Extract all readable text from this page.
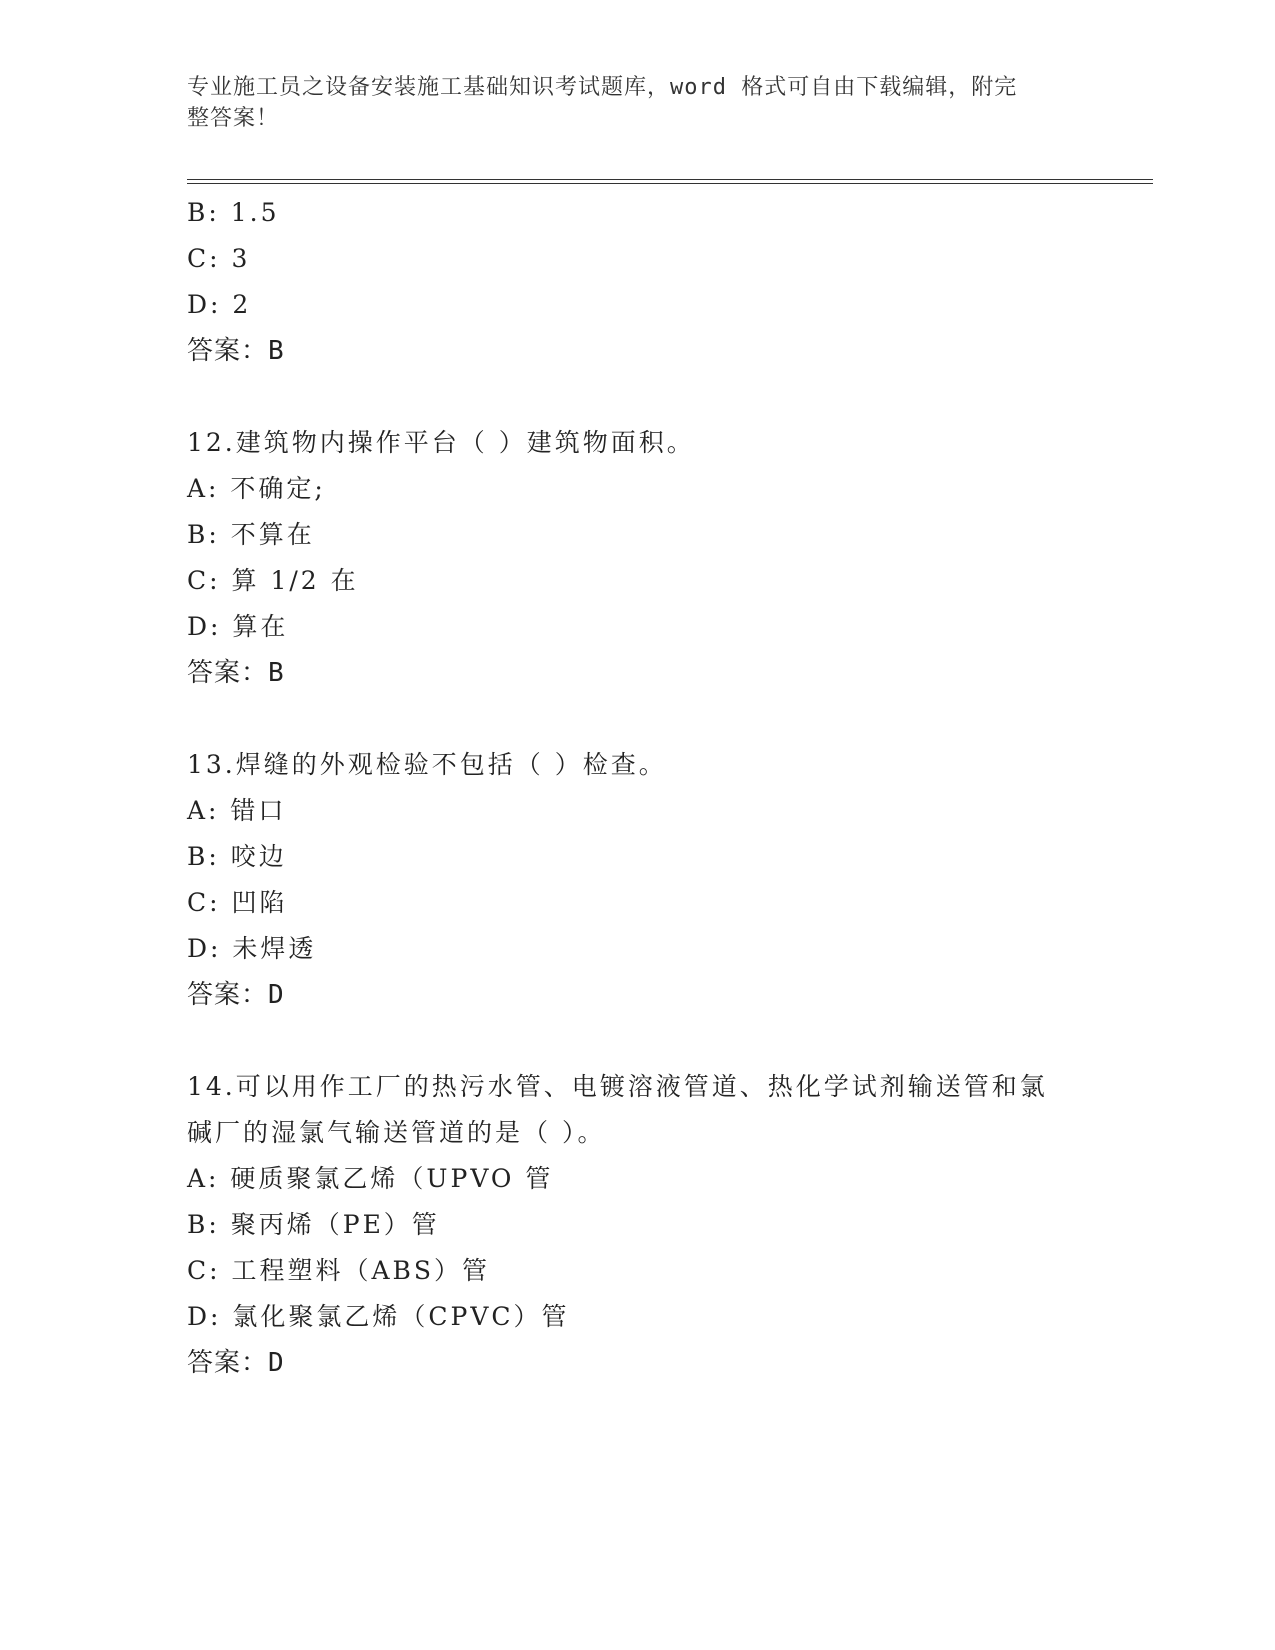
专业施工员之设备安装施工基础知识考试题库，word 格式可自由下载编辑，附完
整答案！
B: 1.5
C: 3
D: 2
答案：B
12.建筑物内操作平台（ ）建筑物面积。
A: 不确定;
B: 不算在
C: 算 1/2 在
D: 算在
答案：B
13.焊缝的外观检验不包括（ ）检查。
A: 错口
B: 咬边
C: 凹陷
D: 未焊透
答案：D
14.可以用作工厂的热污水管、电镀溶液管道、热化学试剂输送管和氯
碱厂的湿氯气输送管道的是（ ）。
A: 硬质聚氯乙烯（UPVO 管
B: 聚丙烯（PE）管
C: 工程塑料（ABS）管
D: 氯化聚氯乙烯（CPVC）管
答案：D
